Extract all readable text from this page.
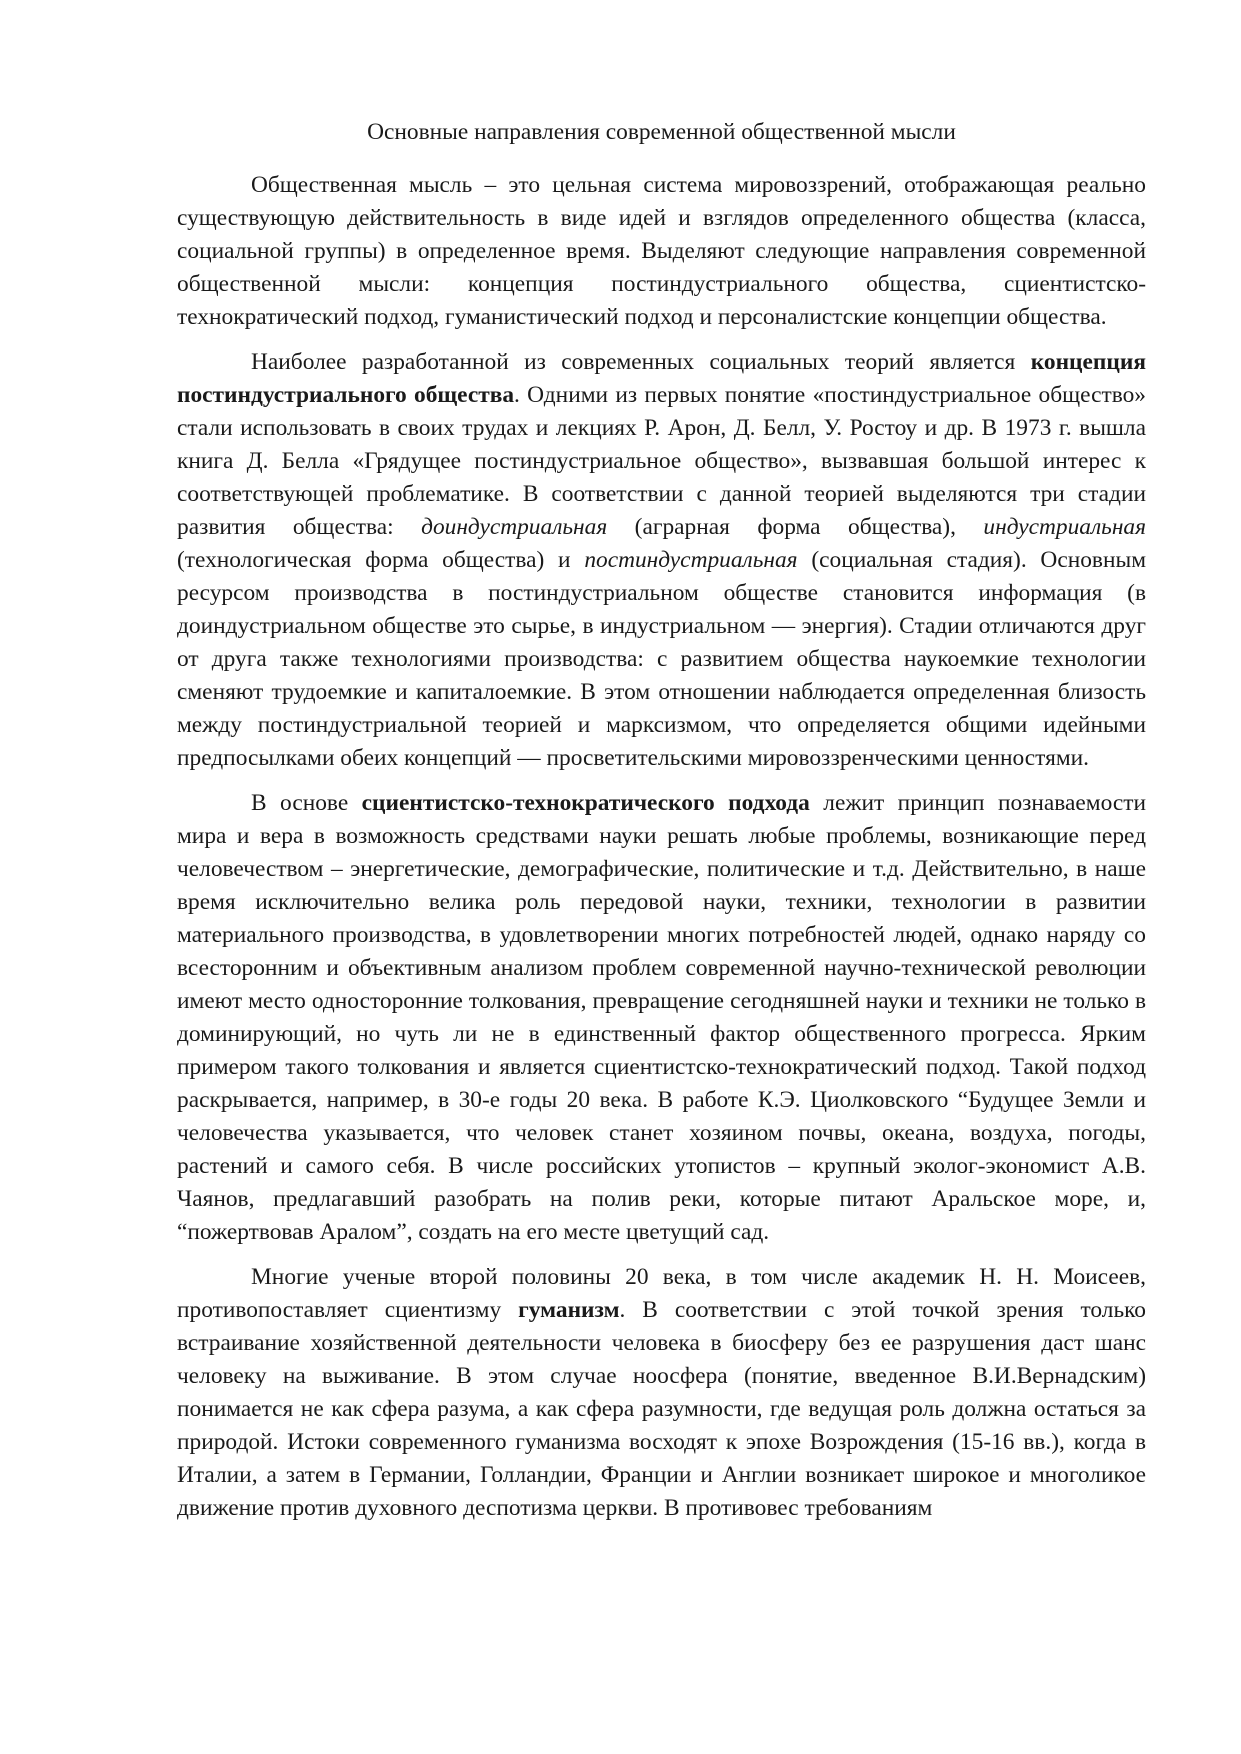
Основные направления современной общественной мысли

Общественная мысль – это цельная система мировоззрений, отображающая реально существующую действительность в виде идей и взглядов определенного общества (класса, социальной группы) в определенное время. Выделяют следующие направления современной общественной мысли: концепция постиндустриального общества, сциентистско-технократический подход, гуманистический подход и персоналистские концепции общества.

Наиболее разработанной из современных социальных теорий является концепция постиндустриального общества. Одними из первых понятие «постиндустриальное общество» стали использовать в своих трудах и лекциях Р. Арон, Д. Белл, У. Ростоу и др. В 1973 г. вышла книга Д. Белла «Грядущее постиндустриальное общество», вызвавшая большой интерес к соответствующей проблематике. В соответствии с данной теорией выделяются три стадии развития общества: доиндустриальная (аграрная форма общества), индустриальная (технологическая форма общества) и постиндустриальная (социальная стадия). Основным ресурсом производства в постиндустриальном обществе становится информация (в доиндустриальном обществе это сырье, в индустриальном — энергия). Стадии отличаются друг от друга также технологиями производства: с развитием общества наукоемкие технологии сменяют трудоемкие и капиталоемкие. В этом отношении наблюдается определенная близость между постиндустриальной теорией и марксизмом, что определяется общими идейными предпосылками обеих концепций — просветительскими мировоззренческими ценностями.

В основе сциентистско-технократического подхода лежит принцип познаваемости мира и вера в возможность средствами науки решать любые проблемы, возникающие перед человечеством – энергетические, демографические, политические и т.д. Действительно, в наше время исключительно велика роль передовой науки, техники, технологии в развитии материального производства, в удовлетворении многих потребностей людей, однако наряду со всесторонним и объективным анализом проблем современной научно-технической революции имеют место односторонние толкования, превращение сегодняшней науки и техники не только в доминирующий, но чуть ли не в единственный фактор общественного прогресса. Ярким примером такого толкования и является сциентистско-технократический подход. Такой подход раскрывается, например, в 30-е годы 20 века. В работе К.Э. Циолковского “Будущее Земли и человечества указывается, что человек станет хозяином почвы, океана, воздуха, погоды, растений и самого себя. В числе российских утопистов – крупный эколог-экономист А.В. Чаянов, предлагавший разобрать на полив реки, которые питают Аральское море, и, “пожертвовав Аралом”, создать на его месте цветущий сад.

Многие ученые второй половины 20 века, в том числе академик Н. Н. Моисеев, противопоставляет сциентизму гуманизм. В соответствии с этой точкой зрения только встраивание хозяйственной деятельности человека в биосферу без ее разрушения даст шанс человеку на выживание. В этом случае ноосфера (понятие, введенное В.И.Вернадским) понимается не как сфера разума, а как сфера разумности, где ведущая роль должна остаться за природой. Истоки современного гуманизма восходят к эпохе Возрождения (15-16 вв.), когда в Италии, а затем в Германии, Голландии, Франции и Англии возникает широкое и многоликое движение против духовного деспотизма церкви. В противовес требованиям
